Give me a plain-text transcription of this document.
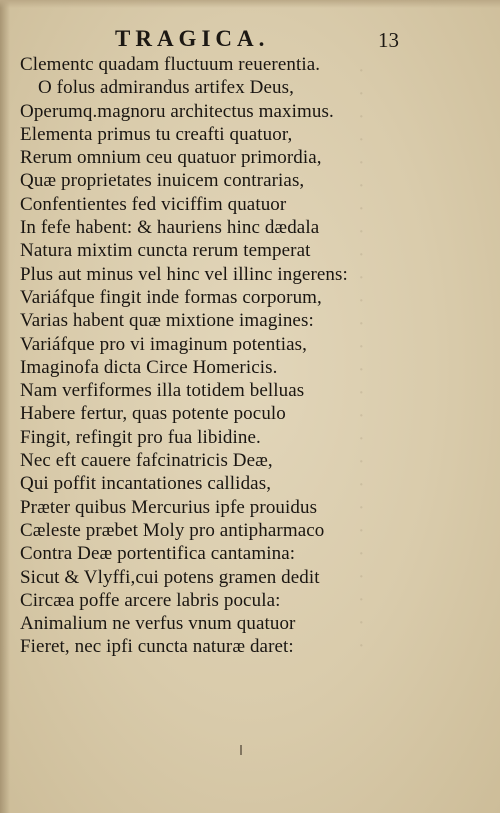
·
·
·
·
·
·
·
·
·
·
·
·
·
·
·
·
·
·
·
·
·
·
·
·
·
·
TRAGICA.	13
Clementc quadam fluctuum reuerentia.
O folus admirandus artifex Deus,
Operumq.magnoru architectus maximus.
Elementa primus tu creafti quatuor,
Rerum omnium ceu quatuor primordia,
Quæ proprietates inuicem contrarias,
Confentientes fed viciffim quatuor
In fefe habent: & hauriens hinc dædala
Natura mixtim cuncta rerum temperat
Plus aut minus vel hinc vel illinc ingerens:
Variáfque fingit inde formas corporum,
Varias habent quæ mixtione imagines:
Variáfque pro vi imaginum potentias,
Imaginofa dicta Circe Homericis.
Nam verfiformes illa totidem belluas
Habere fertur, quas potente poculo
Fingit, refingit pro fua libidine.
Nec eft cauere fafcinatricis Deæ,
Qui poffit incantationes callidas,
Præter quibus Mercurius ipfe prouidus
Cæleste præbet Moly pro antipharmaco
Contra Deæ portentifica cantamina:
Sicut & Vlyffi,cui potens gramen dedit
Circæa poffe arcere labris pocula:
Animalium ne verfus vnum quatuor
Fieret, nec ipfi cuncta naturæ daret:
